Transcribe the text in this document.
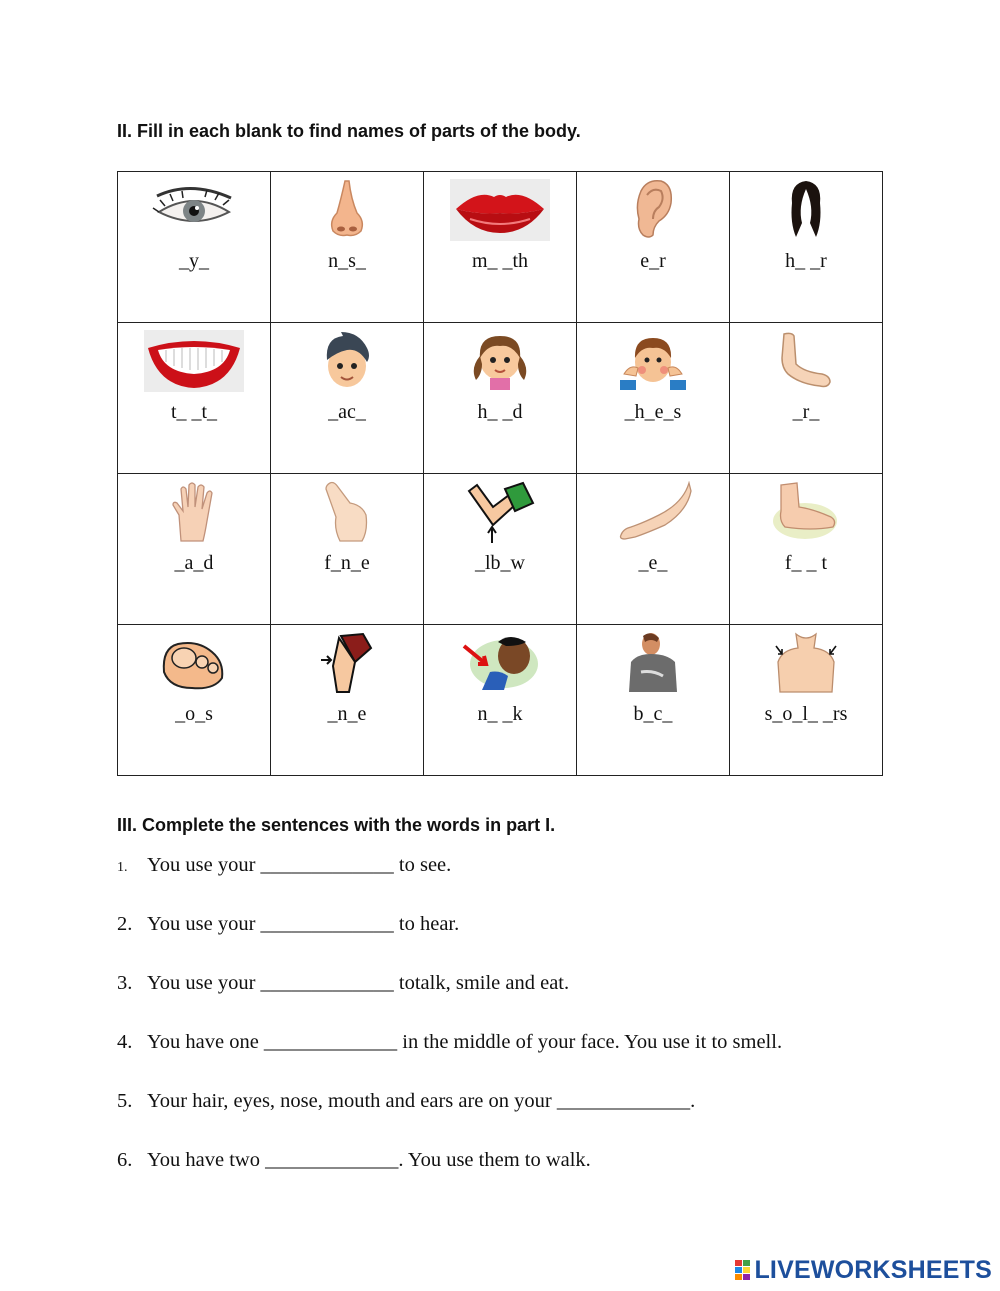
II. Fill in each blank to find names of parts of the body.
_y_	n_s_	m_ _th	e_r	h_ _r

t_ _t_	_ac_	h_ _d	_h_e_s	_r_

_a_d	f_n_e	_lb_w	_e_	f_ _ t

_o_s	_n_e	n_ _k	b_c_	s_o_l_ _rs
III. Complete the sentences with the words in part I.
1. You use your _____________ to see.
2. You use your _____________ to hear.
3. You use your _____________ totalk, smile and eat.
4. You have one _____________ in the middle of your face. You use it to smell.
5. Your hair, eyes, nose, mouth and ears are on your _____________.
6. You have two _____________. You use them to walk.
LIVEWORKSHEETS
